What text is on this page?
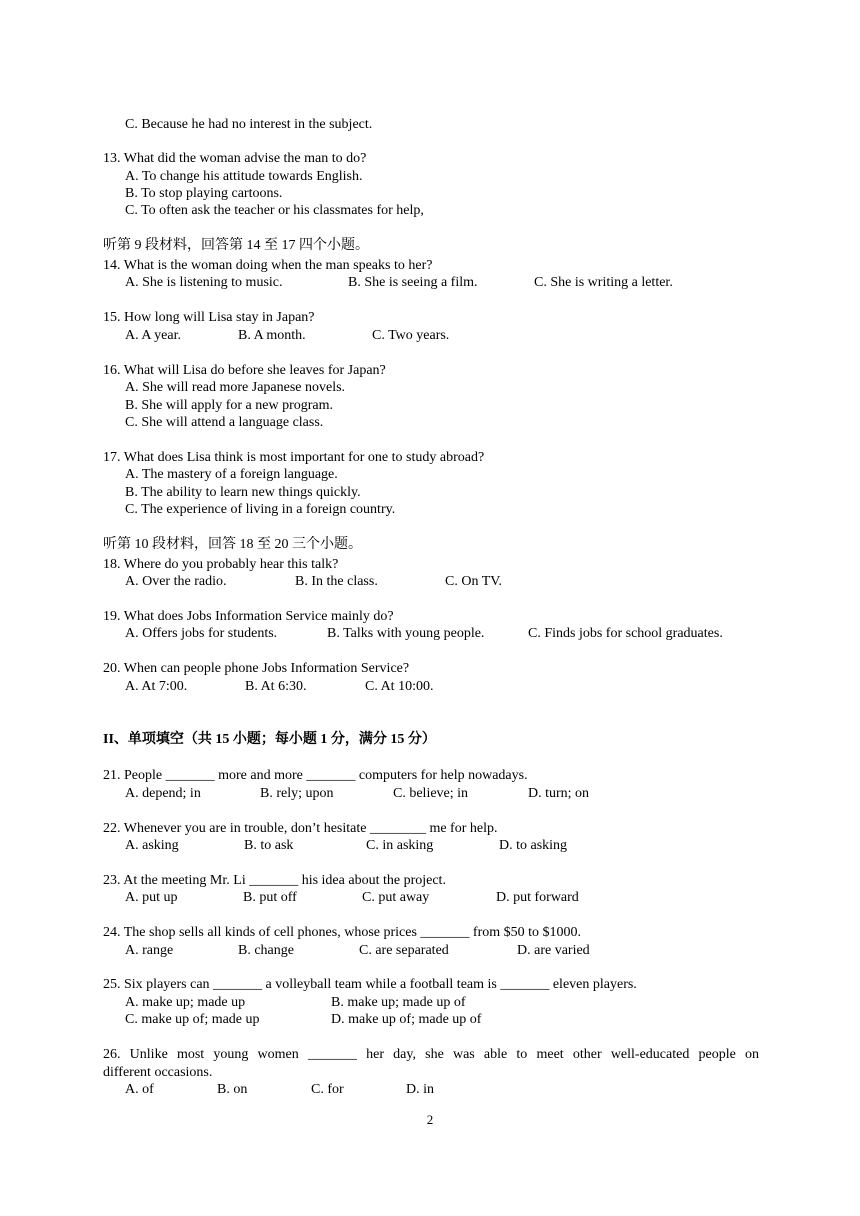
C. Because he had no interest in the subject.
13. What did the woman advise the man to do?
A. To change his attitude towards English.
B. To stop playing cartoons.
C. To often ask the teacher or his classmates for help,
听第 9 段材料，回答第 14 至 17 四个小题。
14. What is the woman doing when the man speaks to her?
A. She is listening to music.	B. She is seeing a film.	C. She is writing a letter.
15. How long will Lisa stay in Japan?
A. A year.	B. A month.	C. Two years.
16. What will Lisa do before she leaves for Japan?
A. She will read more Japanese novels.
B. She will apply for a new program.
C. She will attend a language class.
17. What does Lisa think is most important for one to study abroad?
A. The mastery of a foreign language.
B. The ability to learn new things quickly.
C. The experience of living in a foreign country.
听第 10 段材料，回答 18 至 20 三个小题。
18. Where do you probably hear this talk?
A. Over the radio.	B. In the class.	C. On TV.
19. What does Jobs Information Service mainly do?
A. Offers jobs for students.	B. Talks with young people.	C. Finds jobs for school graduates.
20. When can people phone Jobs Information Service?
A. At 7:00.	B. At 6:30.	C. At 10:00.
II、单项填空（共 15 小题；每小题 1 分，满分 15 分）
21. People _______ more and more _______ computers for help nowadays.
A. depend; in	B. rely; upon	C. believe; in	D. turn; on
22. Whenever you are in trouble, don’t hesitate ________ me for help.
A. asking	B. to ask	C. in asking	D. to asking
23. At the meeting Mr. Li _______ his idea about the project.
A. put up	B. put off	C. put away	D. put forward
24. The shop sells all kinds of cell phones, whose prices _______ from $50 to $1000.
A. range	B. change	C. are separated	D. are varied
25. Six players can _______ a volleyball team while a football team is _______ eleven players.
A. make up; made up	B. make up; made up of
C. make up of; made up	D. make up of; made up of
26. Unlike most young women _______ her day, she was able to meet other well-educated people on
different occasions.
A. of	B. on	C. for	D. in
2
